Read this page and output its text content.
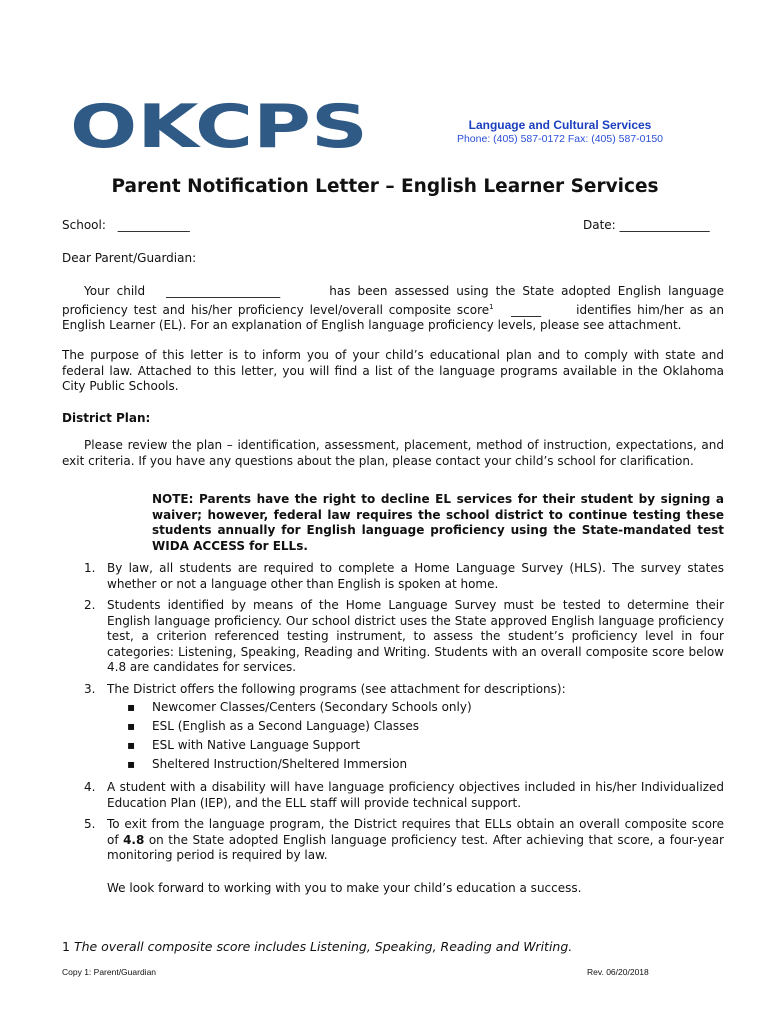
OKCPS	Language and Cultural Services
Phone: (405) 587-0172 Fax: (405) 587-0150
Parent Notification Letter – English Learner Services
School: ____________	Date: _______________
Dear Parent/Guardian:
Your child ___________________	has been assessed using the State adopted English language proficiency test and his/her proficiency level/overall composite score$^1$ _____	identifies him/her as an English Learner (EL). For an explanation of English language proficiency levels, please see attachment.
The purpose of this letter is to inform you of your child’s educational plan and to comply with state and federal law. Attached to this letter, you will find a list of the language programs available in the Oklahoma City Public Schools.
District Plan:
Please review the plan – identification, assessment, placement, method of instruction, expectations, and exit criteria. If you have any questions about the plan, please contact your child’s school for clarification.
NOTE: Parents have the right to decline EL services for their student by signing a waiver; however, federal law requires the school district to continue testing these students annually for English language proficiency using the State-mandated test WIDA ACCESS for ELLs.
1. By law, all students are required to complete a Home Language Survey (HLS). The survey states whether or not a language other than English is spoken at home.
2. Students identified by means of the Home Language Survey must be tested to determine their English language proficiency. Our school district uses the State approved English language proficiency test, a criterion referenced testing instrument, to assess the student’s proficiency level in four categories: Listening, Speaking, Reading and Writing. Students with an overall composite score below 4.8 are candidates for services.
3. The District offers the following programs (see attachment for descriptions):
▪ Newcomer Classes/Centers (Secondary Schools only)
▪ ESL (English as a Second Language) Classes
▪ ESL with Native Language Support
▪ Sheltered Instruction/Sheltered Immersion
4. A student with a disability will have language proficiency objectives included in his/her Individualized Education Plan (IEP), and the ELL staff will provide technical support.
5. To exit from the language program, the District requires that ELLs obtain an overall composite score of 4.8 on the State adopted English language proficiency test. After achieving that score, a four-year monitoring period is required by law.
We look forward to working with you to make your child’s education a success.
1 The overall composite score includes Listening, Speaking, Reading and Writing.
Copy 1: Parent/Guardian	Rev. 06/20/2018
